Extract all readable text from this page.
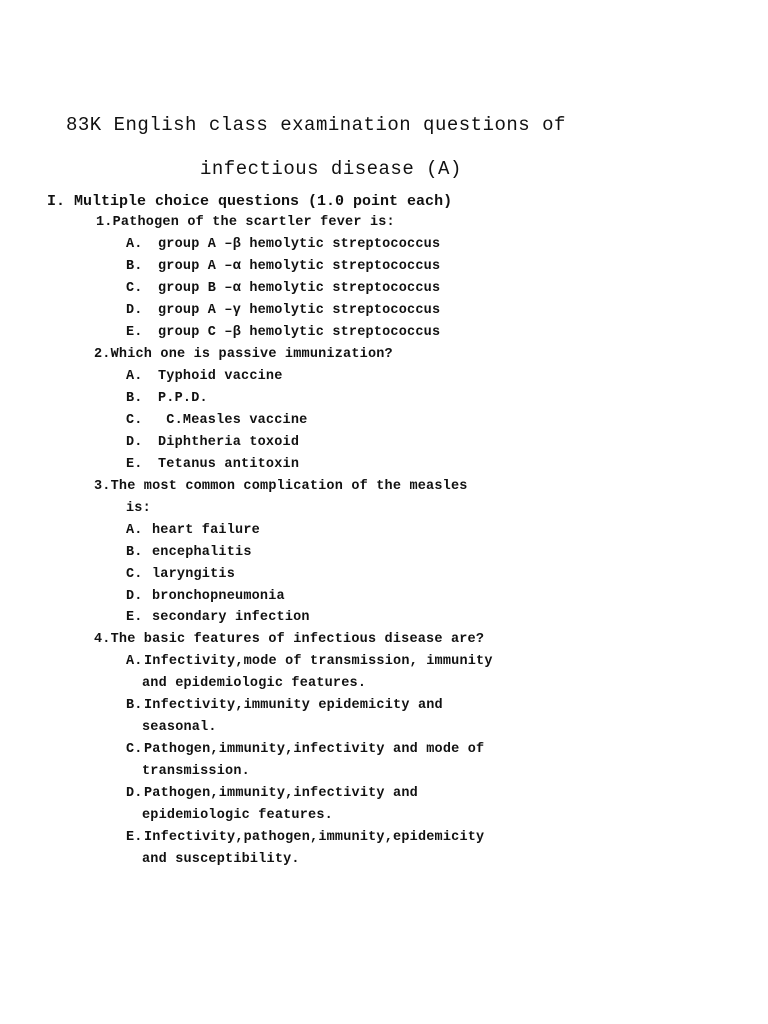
83K English class examination questions of
infectious disease (A)
I. Multiple choice questions (1.0 point each)
1.Pathogen of the scartler fever is:
A. group A –β hemolytic streptococcus
B. group A –α hemolytic streptococcus
C. group B –α hemolytic streptococcus
D. group A –γ hemolytic streptococcus
E. group C –β hemolytic streptococcus
2.Which one is passive immunization?
A. Typhoid vaccine
B. P.P.D.
C. C.Measles vaccine
D. Diphtheria toxoid
E. Tetanus antitoxin
3.The most common complication of the measles
is:
A. heart failure
B. encephalitis
C. laryngitis
D. bronchopneumonia
E. secondary infection
4.The basic features of infectious disease are?
A.Infectivity,mode of transmission, immunity
and epidemiologic features.
B.Infectivity,immunity epidemicity and
seasonal.
C.Pathogen,immunity,infectivity and mode of
transmission.
D.Pathogen,immunity,infectivity and
epidemiologic features.
E.Infectivity,pathogen,immunity,epidemicity
and susceptibility.
